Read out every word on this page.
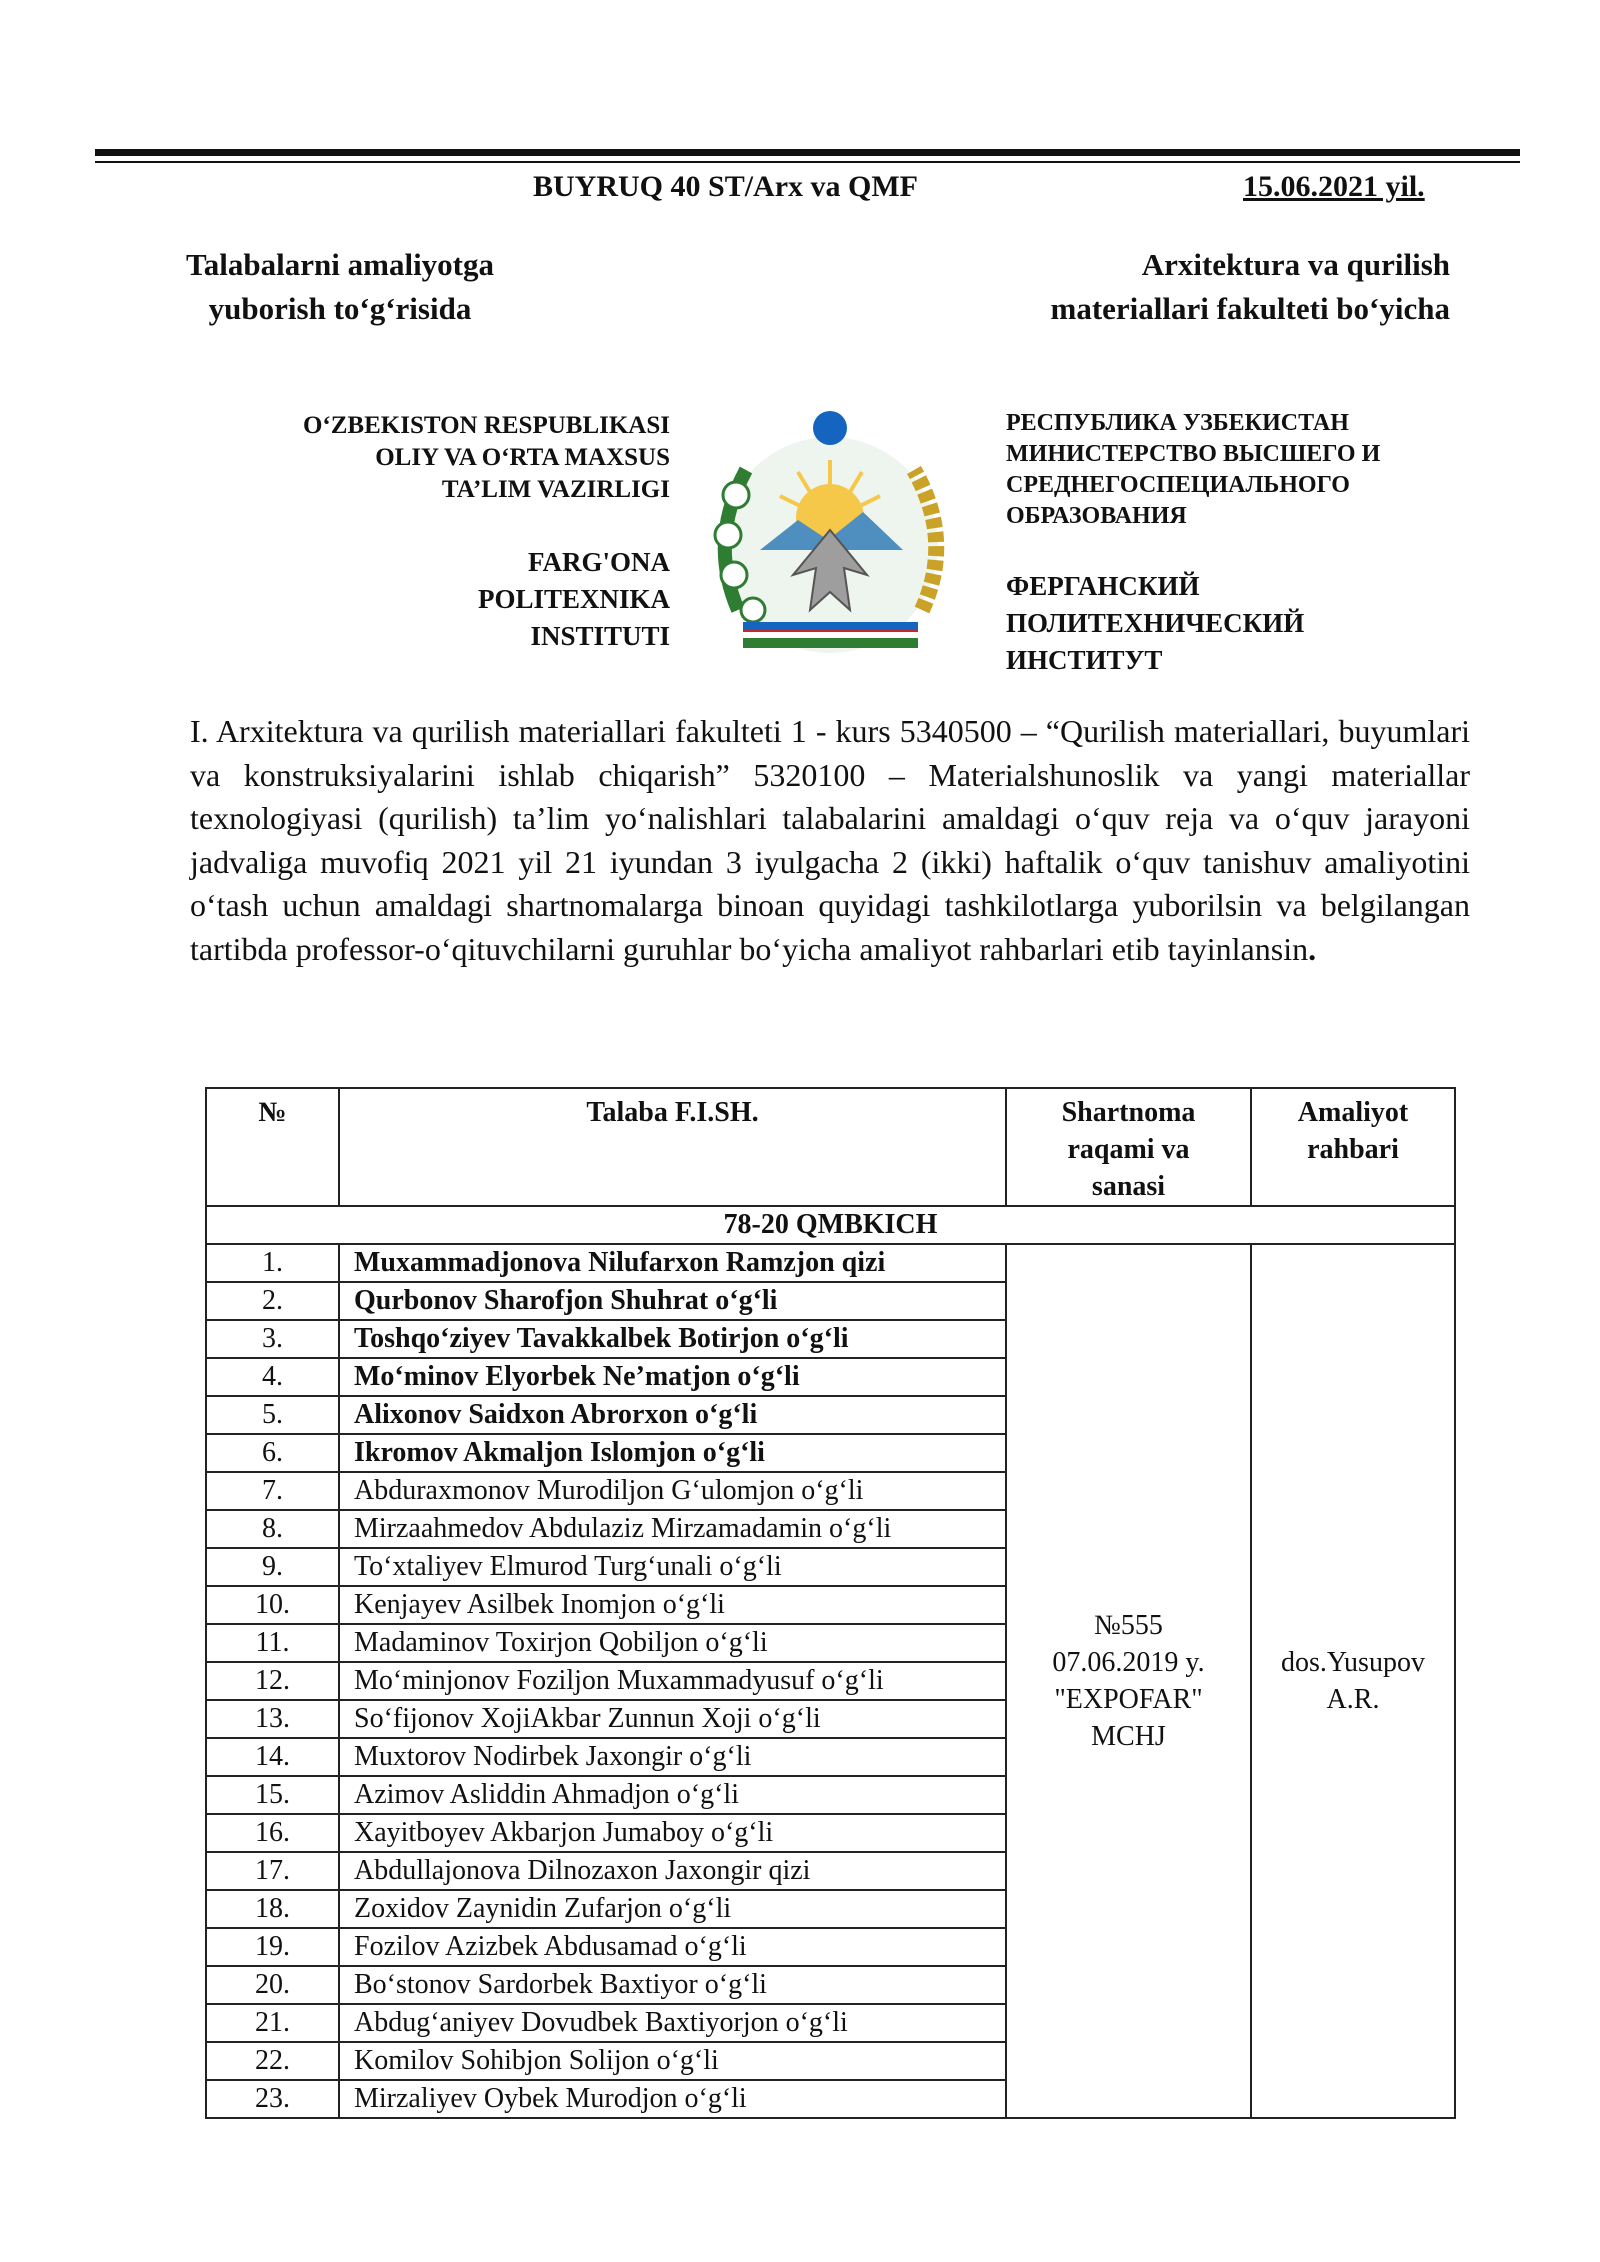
BUYRUQ 40 ST/Arx va QMF	15.06.2021 yil.
Talabalarni amaliyotga
yuborish to‘g‘risida
Arxitektura va qurilish
materiallari fakulteti bo‘yicha
O‘ZBEKISTON RESPUBLIKASI
OLIY VA O‘RTA MAXSUS
TA’LIM VAZIRLIGI
FARG'ONA
POLITEXNIKA
INSTITUTI
РЕСПУБЛИКА УЗБЕКИСТАН
МИНИСТЕРСТВО ВЫСШЕГО И
СРЕДНЕГОСПЕЦИАЛЬНОГО
ОБРАЗОВАНИЯ
ФЕРГАНСКИЙ
ПОЛИТЕХНИЧЕСКИЙ
ИНСТИТУТ
I. Arxitektura va qurilish materiallari fakulteti 1 - kurs 5340500 – “Qurilish materiallari, buyumlari va konstruksiyalarini ishlab chiqarish” 5320100 – Materialshunoslik va yangi materiallar texnologiyasi (qurilish) ta’lim yo‘nalishlari talabalarini amaldagi o‘quv reja va o‘quv jarayoni jadvaliga muvofiq 2021 yil 21 iyundan 3 iyulgacha 2 (ikki) haftalik o‘quv tanishuv amaliyotini o‘tash uchun amaldagi shartnomalarga binoan quyidagi tashkilotlarga yuborilsin va belgilangan tartibda professor-o‘qituvchilarni guruhlar bo‘yicha amaliyot rahbarlari etib tayinlansin.
№	Talaba F.I.SH.	Shartnoma
raqami va
sanasi	Amaliyot
rahbari

78-20 QMBKICH			
1.	Muxammadjonova Nilufarxon Ramzjon qizi	№555
07.06.2019 y.
"EXPOFAR"
MCHJ	dos.Yusupov
A.R.

2.	Qurbonov Sharofjon Shuhrat o‘g‘li		
3.	Toshqo‘ziyev Tavakkalbek Botirjon o‘g‘li		
4.	Mo‘minov Elyorbek Ne’matjon o‘g‘li		
5.	Alixonov Saidxon Abrorxon o‘g‘li		
6.	Ikromov Akmaljon Islomjon o‘g‘li		
7.	Abduraxmonov Murodiljon G‘ulomjon o‘g‘li		
8.	Mirzaahmedov Abdulaziz Mirzamadamin o‘g‘li		
9.	To‘xtaliyev Elmurod Turg‘unali o‘g‘li		
10.	Kenjayev Asilbek Inomjon o‘g‘li		
11.	Madaminov Toxirjon Qobiljon o‘g‘li		
12.	Mo‘minjonov Foziljon Muxammadyusuf o‘g‘li		
13.	So‘fijonov XojiAkbar Zunnun Xoji o‘g‘li		
14.	Muxtorov Nodirbek Jaxongir o‘g‘li		
15.	Azimov Asliddin Ahmadjon o‘g‘li		
16.	Xayitboyev Akbarjon Jumaboy o‘g‘li		
17.	Abdullajonova Dilnozaxon Jaxongir qizi		
18.	Zoxidov Zaynidin Zufarjon o‘g‘li		
19.	Fozilov Azizbek Abdusamad o‘g‘li		
20.	Bo‘stonov Sardorbek Baxtiyor o‘g‘li		
21.	Abdug‘aniyev Dovudbek Baxtiyorjon o‘g‘li		
22.	Komilov Sohibjon Solijon o‘g‘li		
23.	Mirzaliyev Oybek Murodjon o‘g‘li		
